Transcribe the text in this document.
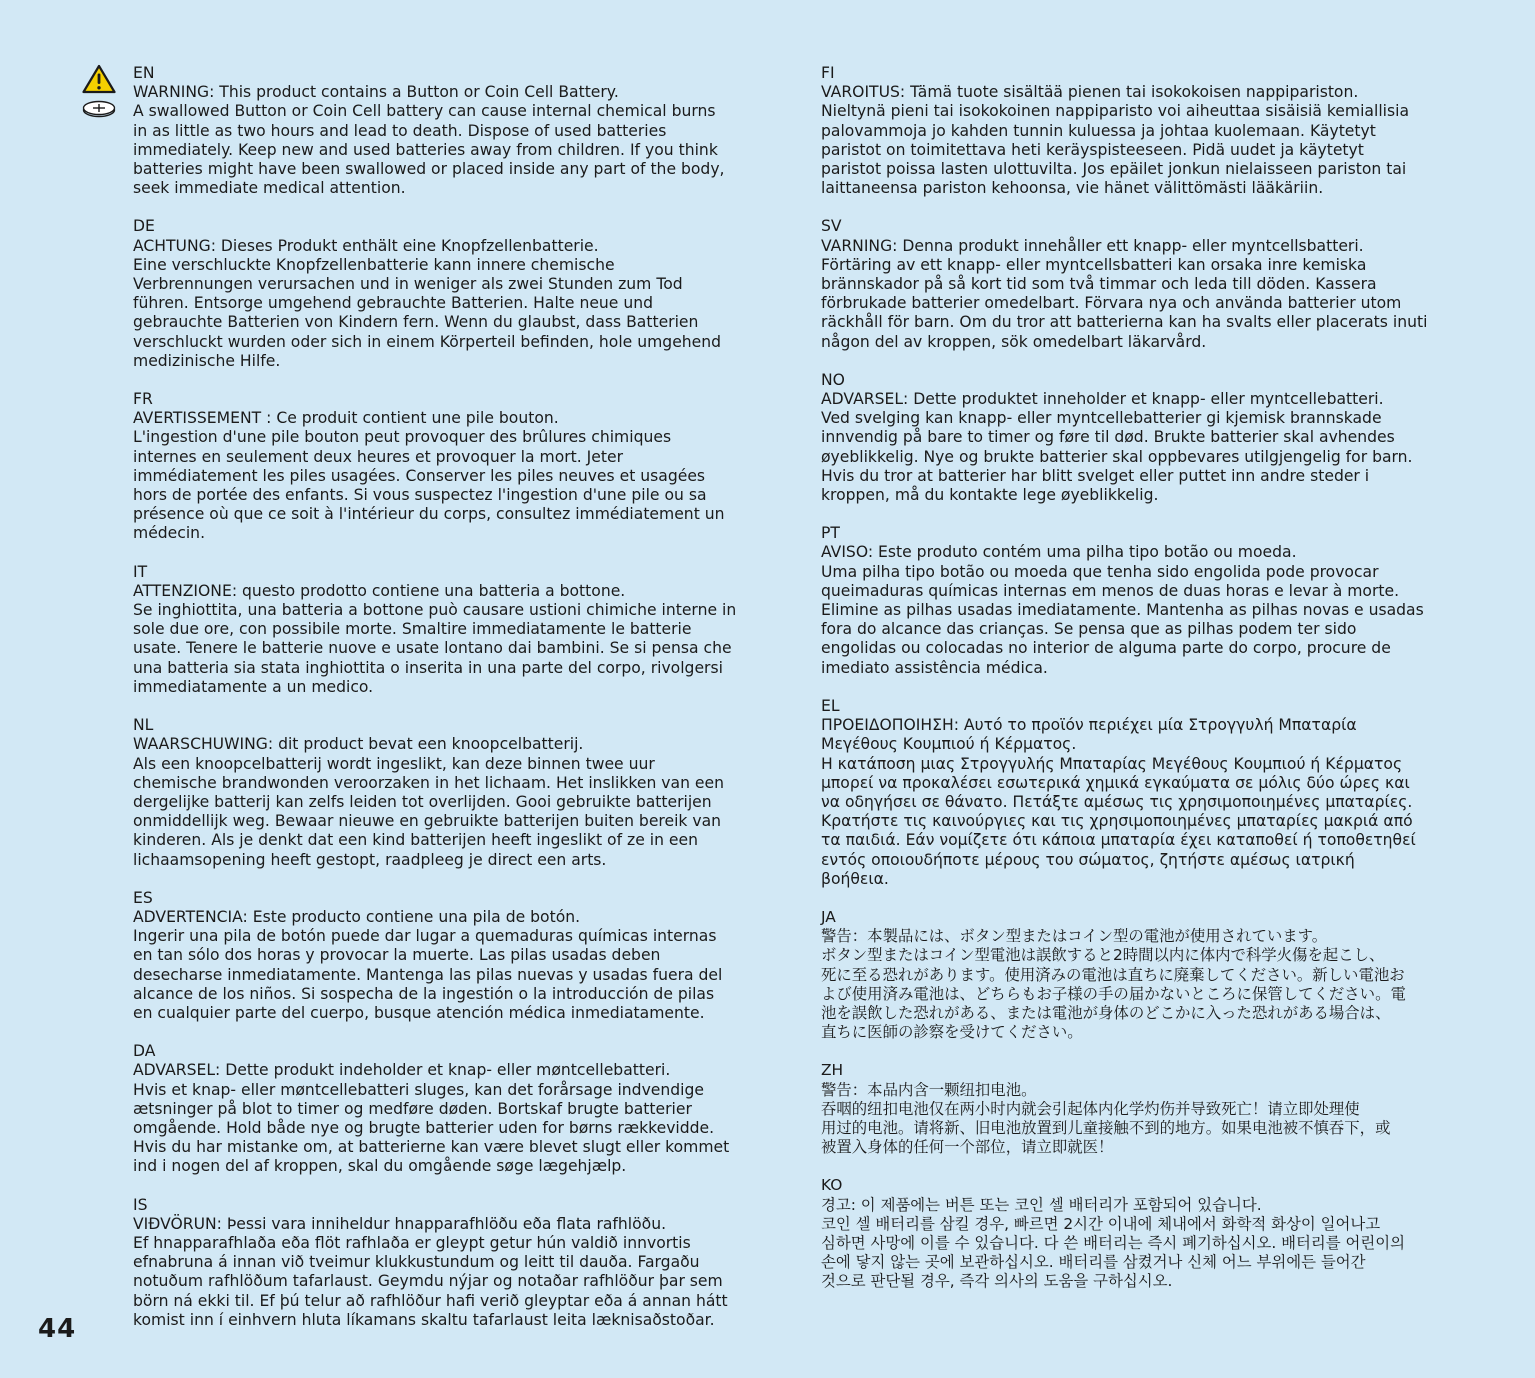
EN
WARNING: This product contains a Button or Coin Cell Battery.
A swallowed Button or Coin Cell battery can cause internal chemical burns
in as little as two hours and lead to death. Dispose of used batteries
immediately. Keep new and used batteries away from children. If you think
batteries might have been swallowed or placed inside any part of the body,
seek immediate medical attention.
DE
ACHTUNG: Dieses Produkt enthält eine Knopfzellenbatterie.
Eine verschluckte Knopfzellenbatterie kann innere chemische
Verbrennungen verursachen und in weniger als zwei Stunden zum Tod
führen. Entsorge umgehend gebrauchte Batterien. Halte neue und
gebrauchte Batterien von Kindern fern. Wenn du glaubst, dass Batterien
verschluckt wurden oder sich in einem Körperteil befinden, hole umgehend
medizinische Hilfe.
FR
AVERTISSEMENT : Ce produit contient une pile bouton.
L'ingestion d'une pile bouton peut provoquer des brûlures chimiques
internes en seulement deux heures et provoquer la mort. Jeter
immédiatement les piles usagées. Conserver les piles neuves et usagées
hors de portée des enfants. Si vous suspectez l'ingestion d'une pile ou sa
présence où que ce soit à l'intérieur du corps, consultez immédiatement un
médecin.
IT
ATTENZIONE: questo prodotto contiene una batteria a bottone.
Se inghiottita, una batteria a bottone può causare ustioni chimiche interne in
sole due ore, con possibile morte. Smaltire immediatamente le batterie
usate. Tenere le batterie nuove e usate lontano dai bambini. Se si pensa che
una batteria sia stata inghiottita o inserita in una parte del corpo, rivolgersi
immediatamente a un medico.
NL
WAARSCHUWING: dit product bevat een knoopcelbatterij.
Als een knoopcelbatterij wordt ingeslikt, kan deze binnen twee uur
chemische brandwonden veroorzaken in het lichaam. Het inslikken van een
dergelijke batterij kan zelfs leiden tot overlijden. Gooi gebruikte batterijen
onmiddellijk weg. Bewaar nieuwe en gebruikte batterijen buiten bereik van
kinderen. Als je denkt dat een kind batterijen heeft ingeslikt of ze in een
lichaamsopening heeft gestopt, raadpleeg je direct een arts.
ES
ADVERTENCIA: Este producto contiene una pila de botón.
Ingerir una pila de botón puede dar lugar a quemaduras químicas internas
en tan sólo dos horas y provocar la muerte. Las pilas usadas deben
desecharse inmediatamente. Mantenga las pilas nuevas y usadas fuera del
alcance de los niños. Si sospecha de la ingestión o la introducción de pilas
en cualquier parte del cuerpo, busque atención médica inmediatamente.
DA
ADVARSEL: Dette produkt indeholder et knap- eller møntcellebatteri.
Hvis et knap- eller møntcellebatteri sluges, kan det forårsage indvendige
ætsninger på blot to timer og medføre døden. Bortskaf brugte batterier
omgående. Hold både nye og brugte batterier uden for børns rækkevidde.
Hvis du har mistanke om, at batterierne kan være blevet slugt eller kommet
ind i nogen del af kroppen, skal du omgående søge lægehjælp.
IS
VIÐVÖRUN: Þessi vara inniheldur hnapparafhlöðu eða flata rafhlöðu.
Ef hnapparafhlaða eða flöt rafhlaða er gleypt getur hún valdið innvortis
efnabruna á innan við tveimur klukkustundum og leitt til dauða. Fargaðu
notuðum rafhlöðum tafarlaust. Geymdu nýjar og notaðar rafhlöður þar sem
börn ná ekki til. Ef þú telur að rafhlöður hafi verið gleyptar eða á annan hátt
komist inn í einhvern hluta líkamans skaltu tafarlaust leita læknisaðstoðar.
FI
VAROITUS: Tämä tuote sisältää pienen tai isokokoisen nappipariston.
Nieltynä pieni tai isokokoinen nappiparisto voi aiheuttaa sisäisiä kemiallisia
palovammoja jo kahden tunnin kuluessa ja johtaa kuolemaan. Käytetyt
paristot on toimitettava heti keräyspisteeseen. Pidä uudet ja käytetyt
paristot poissa lasten ulottuvilta. Jos epäilet jonkun nielaisseen pariston tai
laittaneensa pariston kehoonsa, vie hänet välittömästi lääkäriin.
SV
VARNING: Denna produkt innehåller ett knapp- eller myntcellsbatteri.
Förtäring av ett knapp- eller myntcellsbatteri kan orsaka inre kemiska
brännskador på så kort tid som två timmar och leda till döden. Kassera
förbrukade batterier omedelbart. Förvara nya och använda batterier utom
räckhåll för barn. Om du tror att batterierna kan ha svalts eller placerats inuti
någon del av kroppen, sök omedelbart läkarvård.
NO
ADVARSEL: Dette produktet inneholder et knapp- eller myntcellebatteri.
Ved svelging kan knapp- eller myntcellebatterier gi kjemisk brannskade
innvendig på bare to timer og føre til død. Brukte batterier skal avhendes
øyeblikkelig. Nye og brukte batterier skal oppbevares utilgjengelig for barn.
Hvis du tror at batterier har blitt svelget eller puttet inn andre steder i
kroppen, må du kontakte lege øyeblikkelig.
PT
AVISO: Este produto contém uma pilha tipo botão ou moeda.
Uma pilha tipo botão ou moeda que tenha sido engolida pode provocar
queimaduras químicas internas em menos de duas horas e levar à morte.
Elimine as pilhas usadas imediatamente. Mantenha as pilhas novas e usadas
fora do alcance das crianças. Se pensa que as pilhas podem ter sido
engolidas ou colocadas no interior de alguma parte do corpo, procure de
imediato assistência médica.
EL
ΠΡΟΕΙΔΟΠΟΙΗΣΗ: Αυτό το προϊόν περιέχει μία Στρογγυλή Μπαταρία
Μεγέθους Κουμπιού ή Κέρματος.
Η κατάποση μιας Στρογγυλής Μπαταρίας Μεγέθους Κουμπιού ή Κέρματος
μπορεί να προκαλέσει εσωτερικά χημικά εγκαύματα σε μόλις δύο ώρες και
να οδηγήσει σε θάνατο. Πετάξτε αμέσως τις χρησιμοποιημένες μπαταρίες.
Κρατήστε τις καινούργιες και τις χρησιμοποιημένες μπαταρίες μακριά από
τα παιδιά. Εάν νομίζετε ότι κάποια μπαταρία έχει καταποθεί ή τοποθετηθεί
εντός οποιουδήποτε μέρους του σώματος, ζητήστε αμέσως ιατρική
βοήθεια.
JA
警告：本製品には、ボタン型またはコイン型の電池が使用されています。
ボタン型またはコイン型電池は誤飲すると2時間以内に体内で科学火傷を起こし、
死に至る恐れがあります。使用済みの電池は直ちに廃棄してください。新しい電池お
よび使用済み電池は、どちらもお子様の手の届かないところに保管してください。電
池を誤飲した恐れがある、または電池が身体のどこかに入った恐れがある場合は、
直ちに医師の診察を受けてください。
ZH
警告：本品内含一颗纽扣电池。
吞咽的纽扣电池仅在两小时内就会引起体内化学灼伤并导致死亡！请立即处理使
用过的电池。请将新、旧电池放置到儿童接触不到的地方。如果电池被不慎吞下，或
被置入身体的任何一个部位，请立即就医！
KO
경고: 이 제품에는 버튼 또는 코인 셀 배터리가 포함되어 있습니다.
코인 셀 배터리를 삼킬 경우, 빠르면 2시간 이내에 체내에서 화학적 화상이 일어나고
심하면 사망에 이를 수 있습니다. 다 쓴 배터리는 즉시 폐기하십시오. 배터리를 어린이의
손에 닿지 않는 곳에 보관하십시오. 배터리를 삼켰거나 신체 어느 부위에든 들어간
것으로 판단될 경우, 즉각 의사의 도움을 구하십시오.
44
